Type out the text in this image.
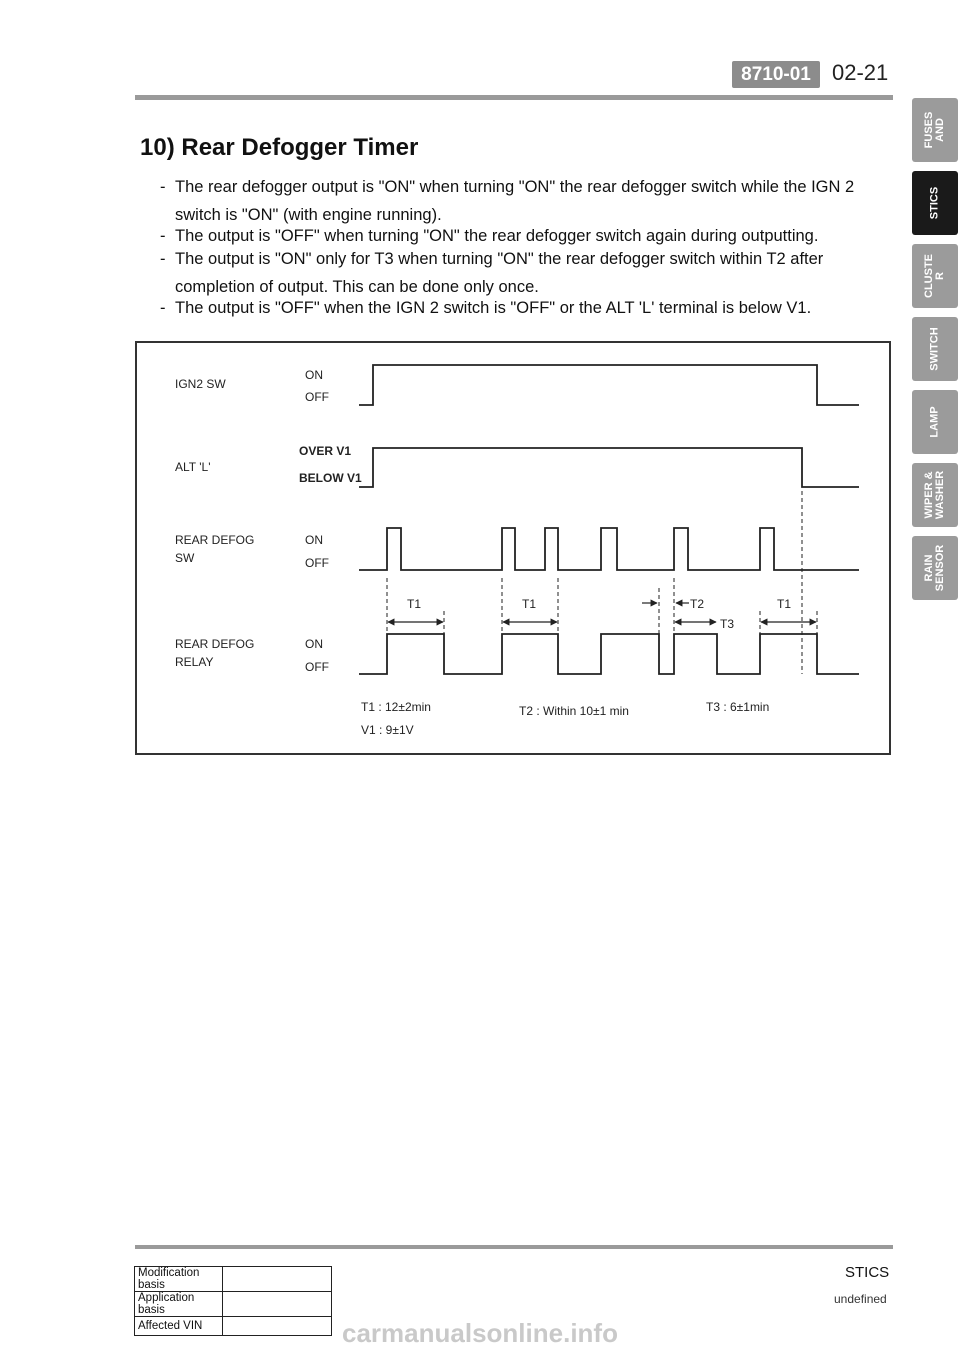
8710-01 02-21
10) Rear Defogger Timer
- The rear defogger output is "ON" when turning "ON" the rear defogger switch while the IGN 2
switch is "ON" (with engine running).
- The output is "OFF" when turning "ON" the rear defogger switch again during outputting.
- The output is "ON" only for T3 when turning "ON" the rear defogger switch within T2 after
completion of output. This can be done only once.
- The output is "OFF" when the IGN 2 switch is "OFF" or the ALT 'L' terminal is below V1.
IGN2 SW
ALT 'L'
REAR DEFOG
SW
REAR DEFOG
RELAY
ON
OFF
OVER V1
BELOW V1
ON
OFF
ON
OFF
T1	T1	T2
T3
T1
T1 : 12±2min
V1 : 9±1V
T2 : Within 10±1 min	T3 : 6±1min
FUSES
AND
STICS
CLUSTE
R
SWITCH
LAMP
WIPER &
WASHER
RAIN
SENSOR
STICS
undefined
Modification basis	
Application basis	
Affected VIN		carmanualsonline.info
